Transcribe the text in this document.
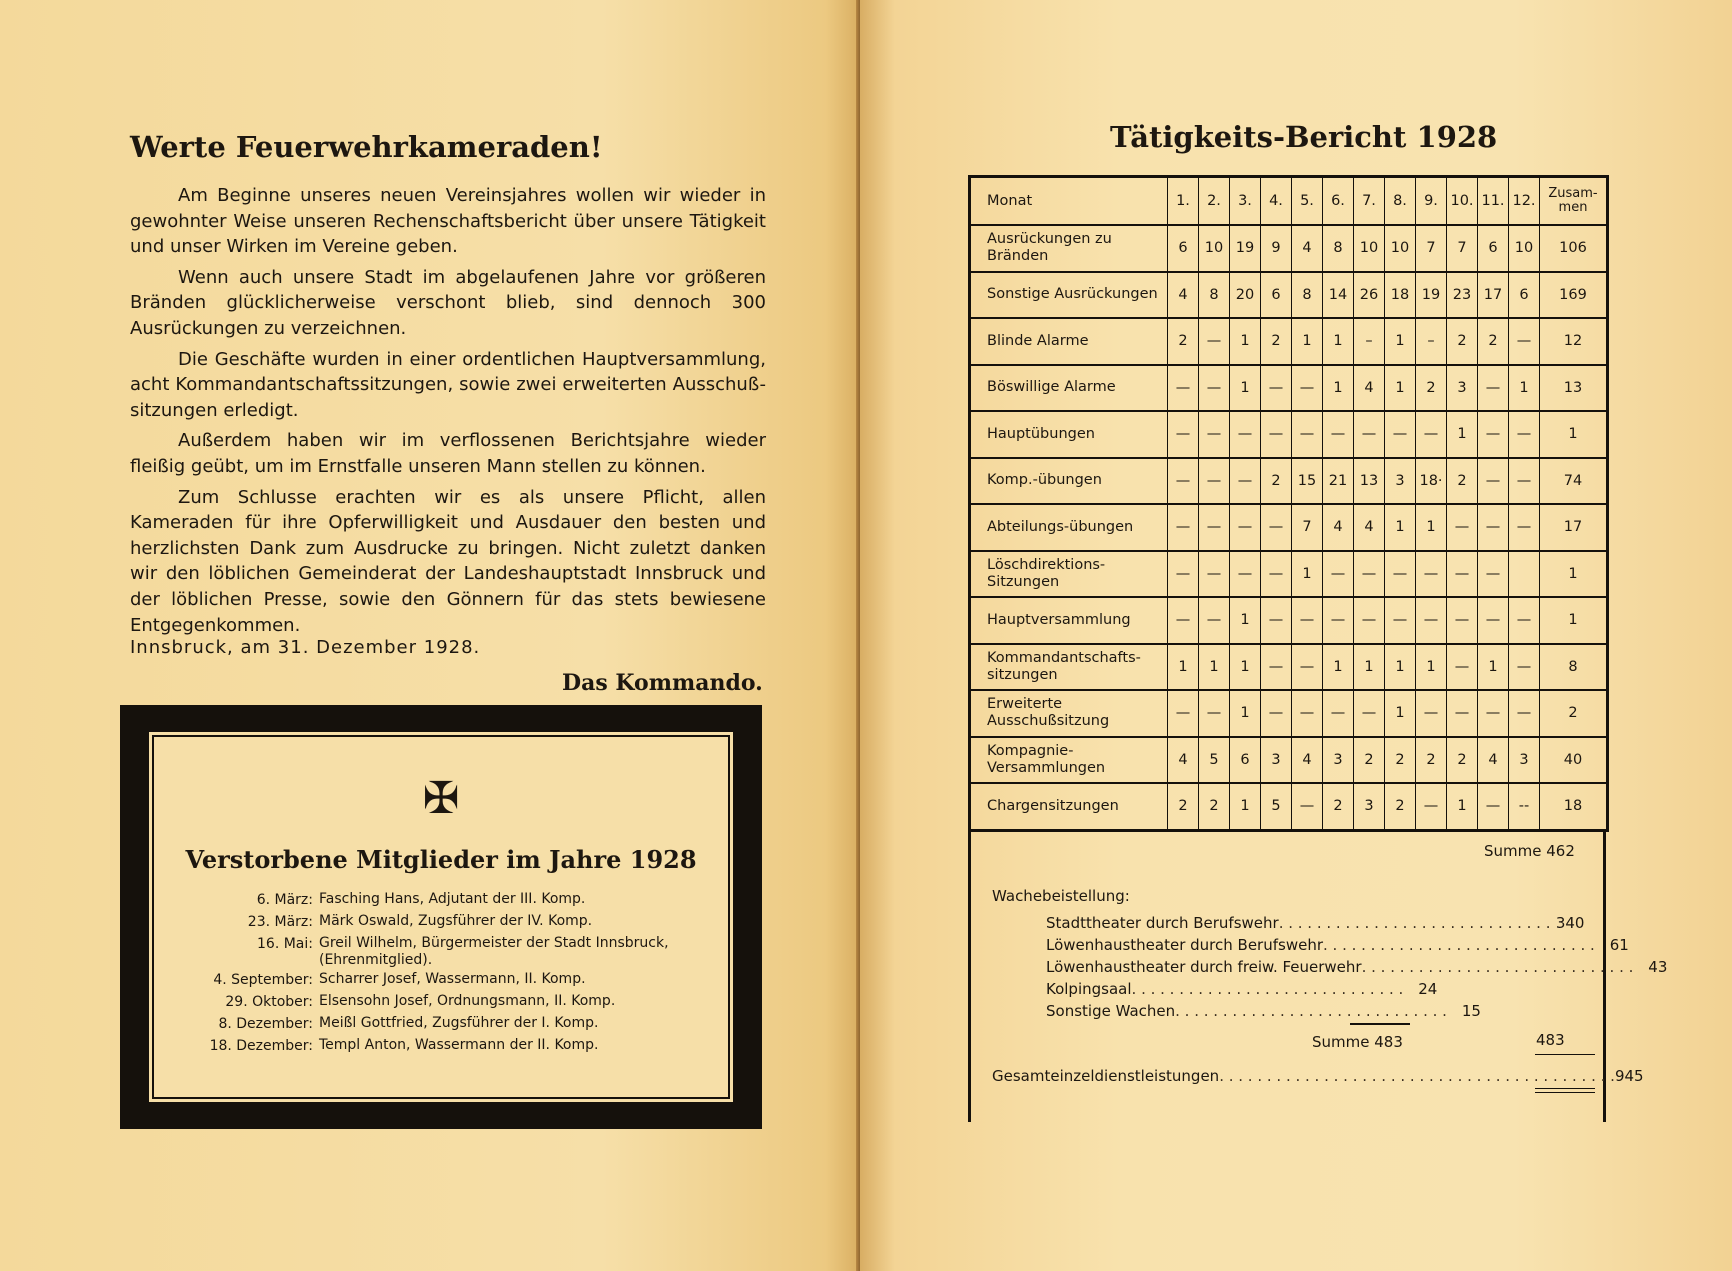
Werte Feuerwehrkameraden!

Am Beginne unseres neuen Vereinsjahres wollen wir wieder in gewohnter Weise unseren Rechenschaftsbericht über unsere Tätigkeit und unser Wirken im Vereine geben.

Wenn auch unsere Stadt im abgelaufenen Jahre vor größeren Bränden glücklicherweise verschont blieb, sind dennoch 300 Ausrückungen zu verzeichnen.

Die Geschäfte wurden in einer ordentlichen Hauptversammlung, acht Kommandantschaftssitzungen, sowie zwei erweiterten Ausschuß-sitzungen erledigt.

Außerdem haben wir im verflossenen Berichtsjahre wieder fleißig geübt, um im Ernstfalle unseren Mann stellen zu können.

Zum Schlusse erachten wir es als unsere Pflicht, allen Kameraden für ihre Opferwilligkeit und Ausdauer den besten und herzlichsten Dank zum Ausdrucke zu bringen. Nicht zuletzt danken wir den löblichen Gemeinderat der Landeshauptstadt Innsbruck und der löblichen Presse, sowie den Gönnern für das stets bewiesene Entgegenkommen.

Innsbruck, am 31. Dezember 1928.
Das Kommando.
✠
Verstorbene Mitglieder im Jahre 1928
6. März: Fasching Hans, Adjutant der III. Komp.
23. März: Märk Oswald, Zugsführer der IV. Komp.
16. Mai: Greil Wilhelm, Bürgermeister der Stadt Innsbruck, (Ehrenmitglied).
4. September: Scharrer Josef, Wassermann, II. Komp.
29. Oktober: Elsensohn Josef, Ordnungsmann, II. Komp.
8. Dezember: Meißl Gottfried, Zugsführer der I. Komp.
18. Dezember: Templ Anton, Wassermann der II. Komp.
Tätigkeits-Bericht 1928
Monat	1.	2.	3.	4.	5.	6.	7.	8.	9.	10.	11.	12.	Zusam-men
Ausrückungen zu Bränden	6	10	19	9	4	8	10	10	7	7	6	10	106
Sonstige Ausrückungen	4	8	20	6	8	14	26	18	19	23	17	6	169
Blinde Alarme	2	—	1	2	1	1	–	1	–	2	2	—	12
Böswillige Alarme	—	—	1	—	—	1	4	1	2	3	—	1	13
Hauptübungen	—	—	—	—	—	—	—	—	—	1	—	—	1
Komp.-übungen	—	—	—	2	15	21	13	3	18·	2	—	—	74
Abteilungs-übungen	—	—	—	—	7	4	4	1	1	—	—	—	17
Löschdirektions-Sitzungen	—	—	—	—	1	—	—	—	—	—	—		1
Hauptversammlung	—	—	1	—	—	—	—	—	—	—	—	—	1
Kommandantschafts-sitzungen	1	1	1	—	—	1	1	1	1	—	1	—	8
Erweiterte Ausschußsitzung	—	—	1	—	—	—	—	1	—	—	—	—	2
Kompagnie-Versammlungen	4	5	6	3	4	3	2	2	2	2	4	3	40
Chargensitzungen	2	2	1	5	—	2	3	2	—	1	—	--	18
Summe 462
Wachebeistellung:
Stadttheater durch Berufswehr . . . . . . . . . . . . . . . . . . . . . . . . . . . . . 340
Löwenhaustheater durch Berufswehr . . . . . . . . . . . . . . . . . . . . . . . . . . . . . 61
Löwenhaustheater durch freiw. Feuerwehr . . . . . . . . . . . . . . . . . . . . . . . . . . . . . 43
Kolpingsaal . . . . . . . . . . . . . . . . . . . . . . . . . . . . . 24
Sonstige Wachen . . . . . . . . . . . . . . . . . . . . . . . . . . . . . 15
Summe 483	483
Gesamteinzeldienstleistungen . . . . . . . . . . . . . . . . . . . . . . . . . . . . . . . . . . . . . . . . . . 945
